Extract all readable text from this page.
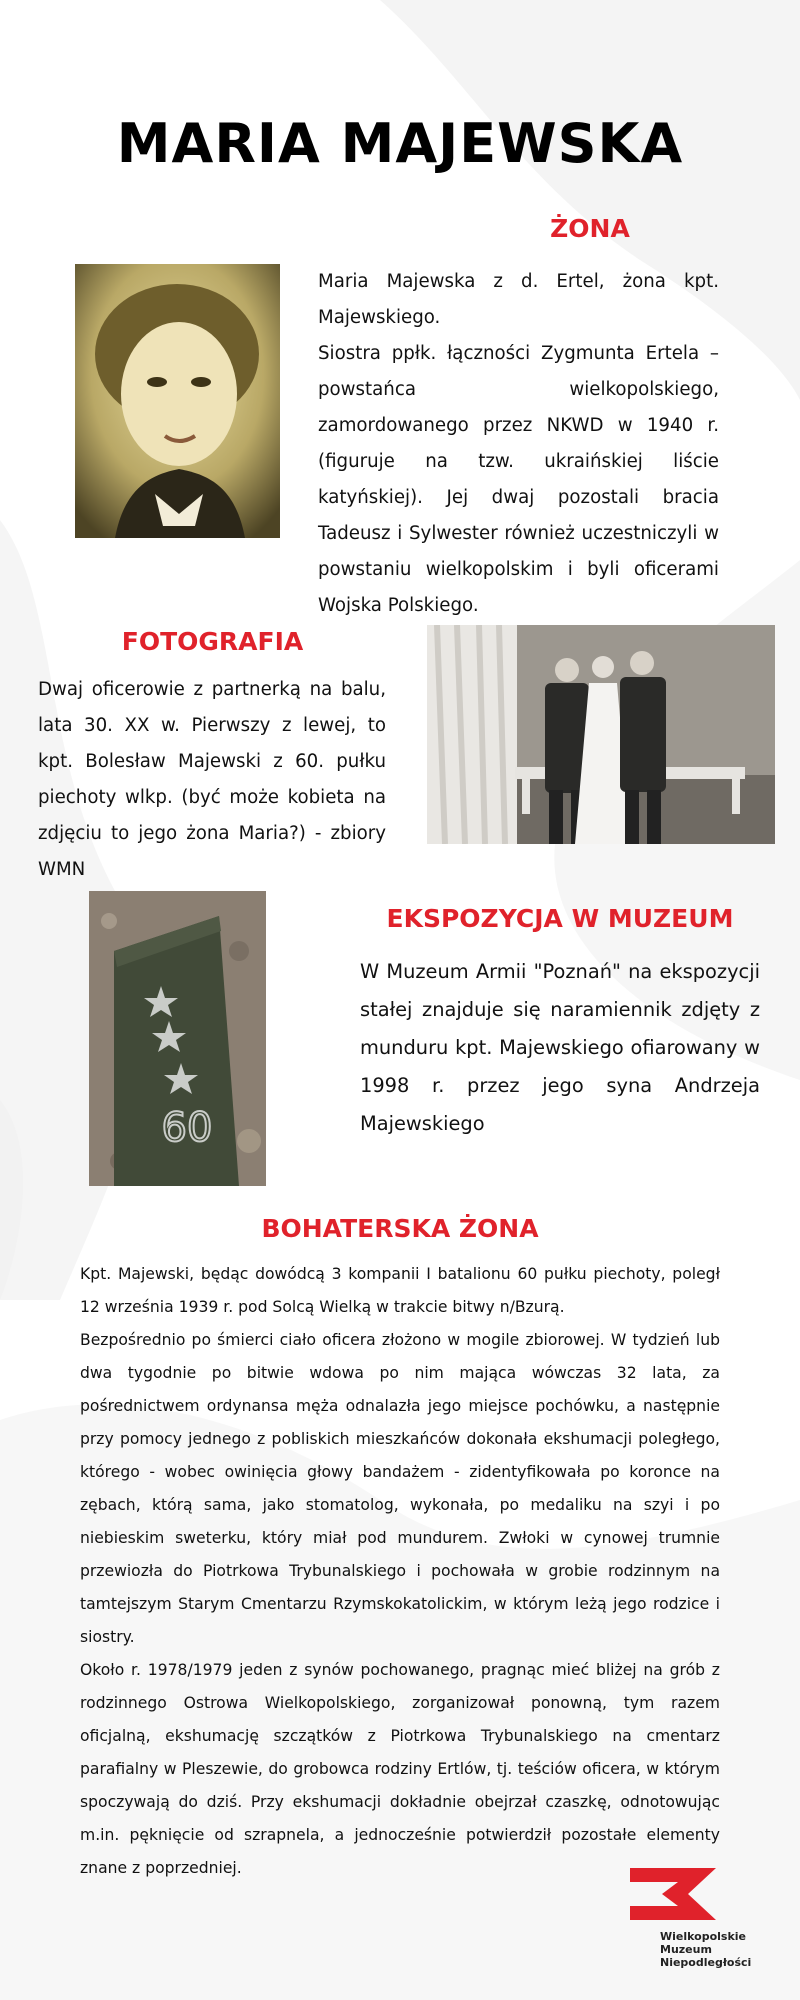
MARIA MAJEWSKA
ŻONA

Maria Majewska z d. Ertel, żona kpt. Majewskiego.

Siostra ppłk. łączności Zygmunta Ertela – powstańca wielkopolskiego, zamordowanego przez NKWD w 1940 r. (figuruje na tzw. ukraińskiej liście katyńskiej). Jej dwaj pozostali bracia Tadeusz i Sylwester również uczestniczyli w powstaniu wielkopolskim i byli oficerami Wojska Polskiego.

FOTOGRAFIA
Dwaj oficerowie z partnerką na balu, lata 30. XX w. Pierwszy z lewej, to kpt. Bolesław Majewski z 60. pułku piechoty wlkp. (być może kobieta na zdjęciu to jego żona Maria?) - zbiory WMN
60
EKSPOZYCJA W MUZEUM
W Muzeum Armii "Poznań" na ekspozycji stałej znajduje się naramiennik zdjęty z munduru kpt. Majewskiego ofiarowany w 1998 r. przez jego syna Andrzeja Majewskiego
BOHATERSKA ŻONA

Kpt. Majewski, będąc dowódcą 3 kompanii I batalionu 60 pułku piechoty, poległ 12 września 1939 r. pod Solcą Wielką w trakcie bitwy n/Bzurą.

Bezpośrednio po śmierci ciało oficera złożono w mogile zbiorowej. W tydzień lub dwa tygodnie po bitwie wdowa po nim mająca wówczas 32 lata, za pośrednictwem ordynansa męża odnalazła jego miejsce pochówku, a następnie przy pomocy jednego z pobliskich mieszkańców dokonała ekshumacji poległego, którego - wobec owinięcia głowy bandażem - zidentyfikowała po koronce na zębach, którą sama, jako stomatolog, wykonała, po medaliku na szyi i po niebieskim sweterku, który miał pod mundurem. Zwłoki w cynowej trumnie przewiozła do Piotrkowa Trybunalskiego i pochowała w grobie rodzinnym na tamtejszym Starym Cmentarzu Rzymskokatolickim, w którym leżą jego rodzice i siostry.

Około r. 1978/1979 jeden z synów pochowanego, pragnąc mieć bliżej na grób z rodzinnego Ostrowa Wielkopolskiego, zorganizował ponowną, tym razem oficjalną, ekshumację szczątków z Piotrkowa Trybunalskiego na cmentarz parafialny w Pleszewie, do grobowca rodziny Ertlów, tj. teściów oficera, w którym spoczywają do dziś. Przy ekshumacji dokładnie obejrzał czaszkę, odnotowując m.in. pęknięcie od szrapnela, a jednocześnie potwierdził pozostałe elementy znane z poprzedniej.

Wielkopolskie
Muzeum
Niepodległości
